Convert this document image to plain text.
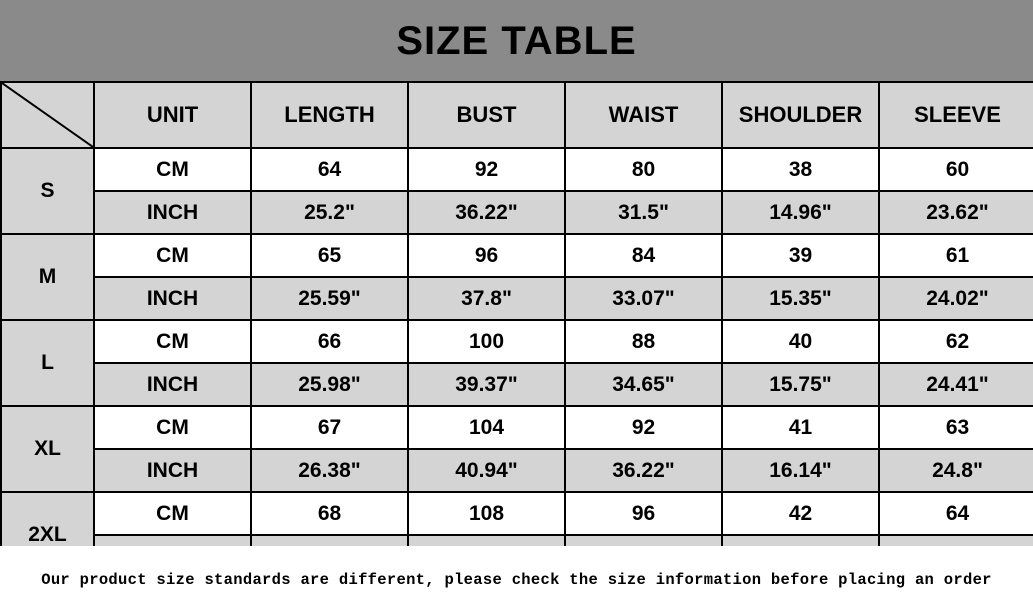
SIZE TABLE
	UNIT	LENGTH	BUST	WAIST	SHOULDER	SLEEVE
S	CM	64	92	80	38	60
	INCH	25.2"	36.22"	31.5"	14.96"	23.62"
M	CM	65	96	84	39	61
	INCH	25.59"	37.8"	33.07"	15.35"	24.02"
L	CM	66	100	88	40	62
	INCH	25.98"	39.37"	34.65"	15.75"	24.41"
XL	CM	67	104	92	41	63
	INCH	26.38"	40.94"	36.22"	16.14"	24.8"
2XL	CM	68	108	96	42	64

Our product size standards are different, please check the size information before placing an order
